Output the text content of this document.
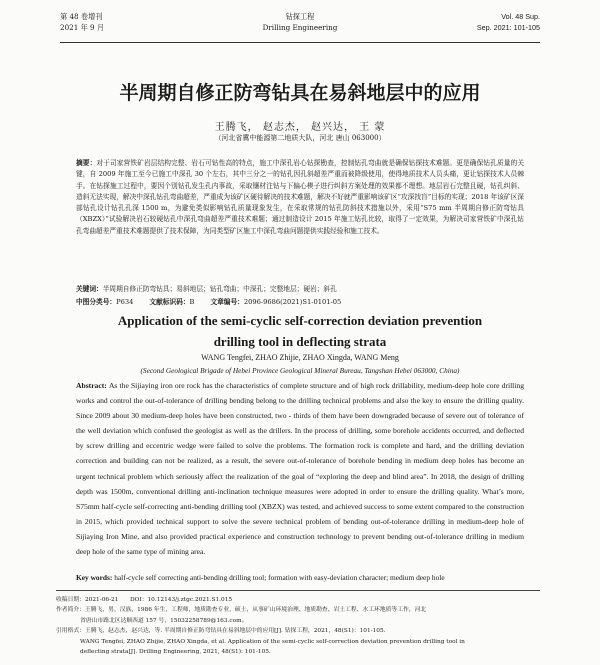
第 48 卷增刊
2021 年 9 月
钻探工程
Drilling Engineering
Vol. 48 Sup.
Sep. 2021: 101-105
半周期自修正防弯钻具在易斜地层中的应用
王腾飞， 赵志杰， 赵兴达， 王 蒙
（河北省冀中能源第二地质大队，河北 唐山 063000）
摘要：对于司家营铁矿岩层结构完整、岩石可钻性高的特点，施工中深孔岩心钻探勘查，控制钻孔弯曲就是确保钻探技术难题。更是确保钻孔质量的关键，自 2009 年施工至今已施工中深孔 30 个左右，其中三分之一的钻孔因孔斜超差严重而被降级使用，使得地质技术人员头痛，更让钻探技术人员棘手。在钻探施工过程中，要因个别钻孔发生孔内事故，采取镶材注钻与下偏心楔子进行纠斜方案处理的效果都不理想。地层岩石完整且硬，钻孔纠斜、造斜无法实现，解决中深孔钻孔弯曲超差，严重成为该矿区硬待解决的技术难题，解决不好就严重影响该矿区“攻深找盲”目标的实现；2018 年该矿区深部钻孔设计钻孔孔深 1500 m，为避免类似影响钻孔质量现象发生，在采取常规的钻孔防斜技术措施以外，采用“S75 mm 半周期自修正防弯钻具（XBZX）”试验解决岩石较硬钻孔中深孔弯曲超差严重技术难题；通过制造设计 2015 年施工钻孔比较，取得了一定效果，为解决司家营铁矿中深孔钻孔弯曲超差严重技术难题提供了技术保障，为同类型矿区施工中深孔弯曲问题提供实践经验和施工技术。
关键词：半周期自修正防弯钻具；易斜地层；钻孔弯曲；中深孔；完整地层；硬岩；斜孔
中图分类号：P634 文献标识码：B 文章编号：2096-9686(2021)S1-0101-05
Application of the semi-cyclic self-correction deviation prevention
drilling tool in deflecting strata
WANG Tengfei, ZHAO Zhijie, ZHAO Xingda, WANG Meng
(Second Geological Brigade of Hebei Province Geological Mineral Bureau, Tangshan Hebei 063000, China)
Abstract: As the Sijiaying iron ore rock has the characteristics of complete structure and of high rock drillability, medium-deep hole core drilling works and control the out-of-tolerance of drilling bending belong to the drilling technical problems and also the key to ensure the drilling quality. Since 2009 about 30 medium-deep holes have been constructed, two - thirds of them have been downgraded because of severe out of tolerance of the well deviation which confused the geologist as well as the drillers. In the process of drilling, some borehole accidents occurred, and deflected by screw drilling and eccentric wedge were failed to solve the problems. The formation rock is complete and hard, and the drilling deviation correction and building can not be realized, as a result, the severe out-of-tolerance of borehole bending in medium deep holes has become an urgent technical problem which seriously affect the realization of the goal of “exploring the deep and blind area”. In 2018, the design of drilling depth was 1500m, conventional drilling anti-inclination technique measures were adopted in order to ensure the drilling quality. What’s more, S75mm half-cycle self-correcting anti-bending drilling tool (XBZX) was tested, and achieved success to some extent compared to the construction in 2015, which provided technical support to solve the severe technical problem of bending out-of-tolerance drilling in medium-deep hole of Sijiaying Iron Mine, and also provided practical experience and construction technology to prevent bending out-of-tolerance drilling in medium deep hole of the same type of mining area.
Key words: half-cycle self correcting anti-bending drilling tool; formation with easy-deviation character; medium deep hole

收稿日期：2021-06-21　　DOI：10.12143/j.ztgc.2021.S1.015

作者简介：王腾飞，男，汉族，1986 年生，工程师，地质勘查专业，硕士，从事矿山环境治理、地质勘查、岩土工程、水工环地质等工作，河北

省唐山市路北区达顺西道 157 号，15032258789@163.com。

引用格式：王腾飞，赵志杰，赵兴达，等. 半周期自修正防弯钻具在易斜地层中的应用[J]. 钻探工程，2021，48(S1)：101-105.

WANG Tengfei, ZHAO Zhijie, ZHAO Xingda, et al. Application of the semi-cyclic self-correction deviation prevention drilling tool in

deflecting strata[J]. Drilling Engineering, 2021, 48(S1): 101-105.
